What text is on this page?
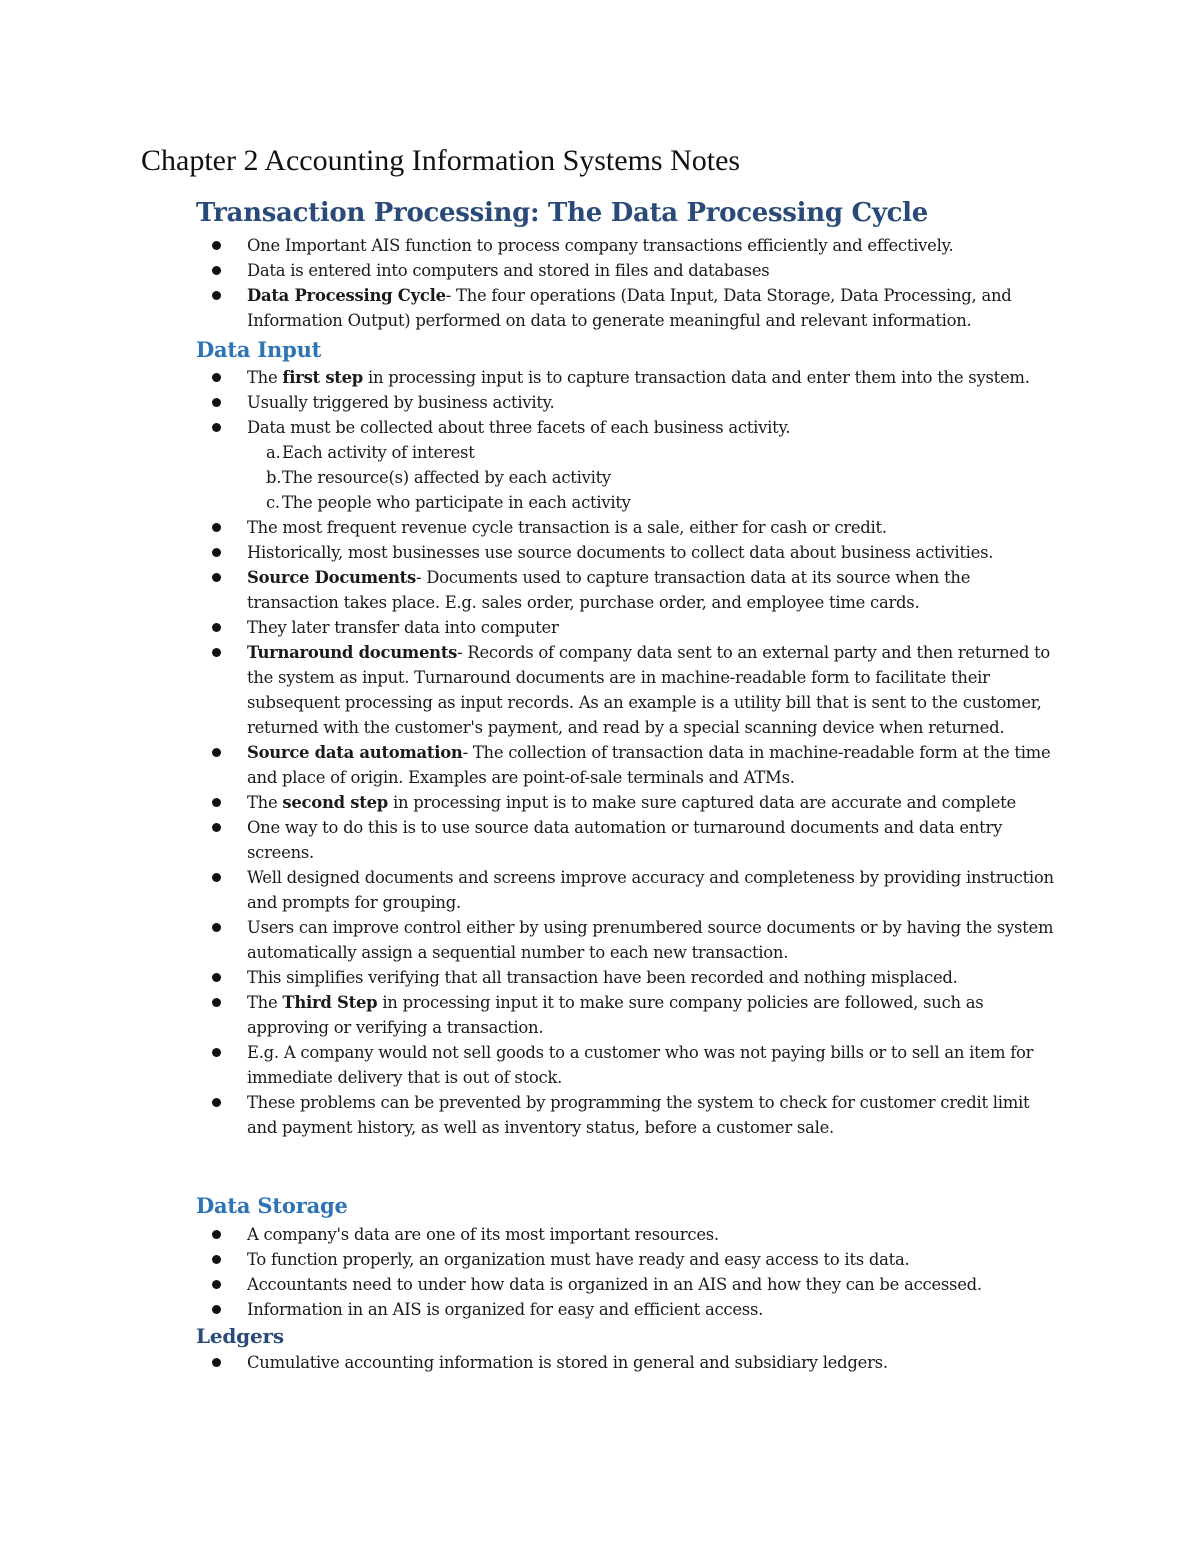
Chapter 2 Accounting Information Systems Notes
Transaction Processing: The Data Processing Cycle
One Important AIS function to process company transactions efficiently and effectively.
Data is entered into computers and stored in files and databases
Data Processing Cycle- The four operations (Data Input, Data Storage, Data Processing, and Information Output) performed on data to generate meaningful and relevant information.
Data Input
The first step in processing input is to capture transaction data and enter them into the system.
Usually triggered by business activity.
Data must be collected about three facets of each business activity.
a. Each activity of interest
b. The resource(s) affected by each activity
c. The people who participate in each activity
The most frequent revenue cycle transaction is a sale, either for cash or credit.
Historically, most businesses use source documents to collect data about business activities.
Source Documents- Documents used to capture transaction data at its source when the transaction takes place. E.g. sales order, purchase order, and employee time cards.
They later transfer data into computer
Turnaround documents- Records of company data sent to an external party and then returned to the system as input. Turnaround documents are in machine-readable form to facilitate their subsequent processing as input records. As an example is a utility bill that is sent to the customer, returned with the customer's payment, and read by a special scanning device when returned.
Source data automation- The collection of transaction data in machine-readable form at the time and place of origin. Examples are point-of-sale terminals and ATMs.
The second step in processing input is to make sure captured data are accurate and complete
One way to do this is to use source data automation or turnaround documents and data entry screens.
Well designed documents and screens improve accuracy and completeness by providing instruction and prompts for grouping.
Users can improve control either by using prenumbered source documents or by having the system automatically assign a sequential number to each new transaction.
This simplifies verifying that all transaction have been recorded and nothing misplaced.
The Third Step in processing input it to make sure company policies are followed, such as approving or verifying a transaction.
E.g. A company would not sell goods to a customer who was not paying bills or to sell an item for immediate delivery that is out of stock.
These problems can be prevented by programming the system to check for customer credit limit and payment history, as well as inventory status, before a customer sale.
Data Storage
A company's data are one of its most important resources.
To function properly, an organization must have ready and easy access to its data.
Accountants need to under how data is organized in an AIS and how they can be accessed.
Information in an AIS is organized for easy and efficient access.
Ledgers
Cumulative accounting information is stored in general and subsidiary ledgers.
